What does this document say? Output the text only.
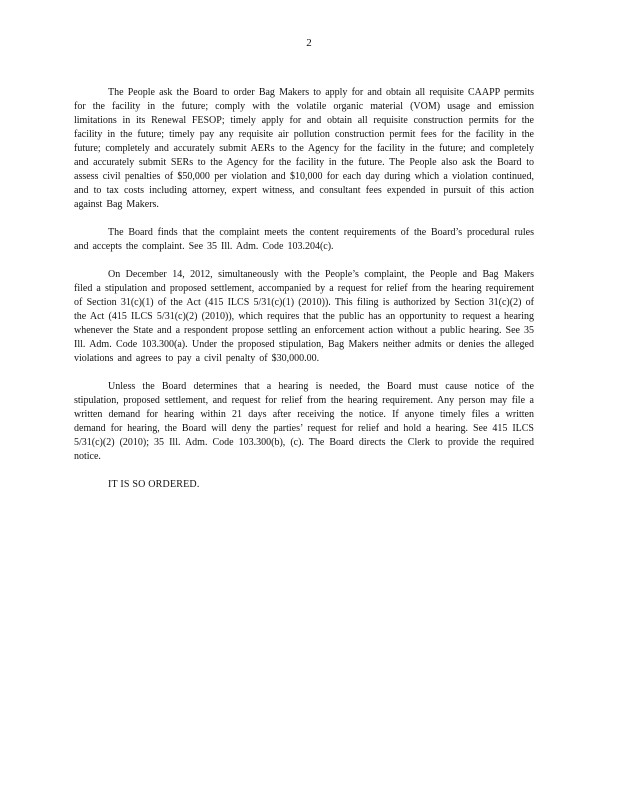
2

The People ask the Board to order Bag Makers to apply for and obtain all requisite CAAPP permits for the facility in the future; comply with the volatile organic material (VOM) usage and emission limitations in its Renewal FESOP; timely apply for and obtain all requisite construction permits for the facility in the future; timely pay any requisite air pollution construction permit fees for the facility in the future; completely and accurately submit AERs to the Agency for the facility in the future; and completely and accurately submit SERs to the Agency for the facility in the future. The People also ask the Board to assess civil penalties of $50,000 per violation and $10,000 for each day during which a violation continued, and to tax costs including attorney, expert witness, and consultant fees expended in pursuit of this action against Bag Makers.

The Board finds that the complaint meets the content requirements of the Board’s procedural rules and accepts the complaint. See 35 Ill. Adm. Code 103.204(c).

On December 14, 2012, simultaneously with the People’s complaint, the People and Bag Makers filed a stipulation and proposed settlement, accompanied by a request for relief from the hearing requirement of Section 31(c)(1) of the Act (415 ILCS 5/31(c)(1) (2010)). This filing is authorized by Section 31(c)(2) of the Act (415 ILCS 5/31(c)(2) (2010)), which requires that the public has an opportunity to request a hearing whenever the State and a respondent propose settling an enforcement action without a public hearing. See 35 Ill. Adm. Code 103.300(a). Under the proposed stipulation, Bag Makers neither admits or denies the alleged violations and agrees to pay a civil penalty of $30,000.00.

Unless the Board determines that a hearing is needed, the Board must cause notice of the stipulation, proposed settlement, and request for relief from the hearing requirement. Any person may file a written demand for hearing within 21 days after receiving the notice. If anyone timely files a written demand for hearing, the Board will deny the parties’ request for relief and hold a hearing. See 415 ILCS 5/31(c)(2) (2010); 35 Ill. Adm. Code 103.300(b), (c). The Board directs the Clerk to provide the required notice.

IT IS SO ORDERED.
